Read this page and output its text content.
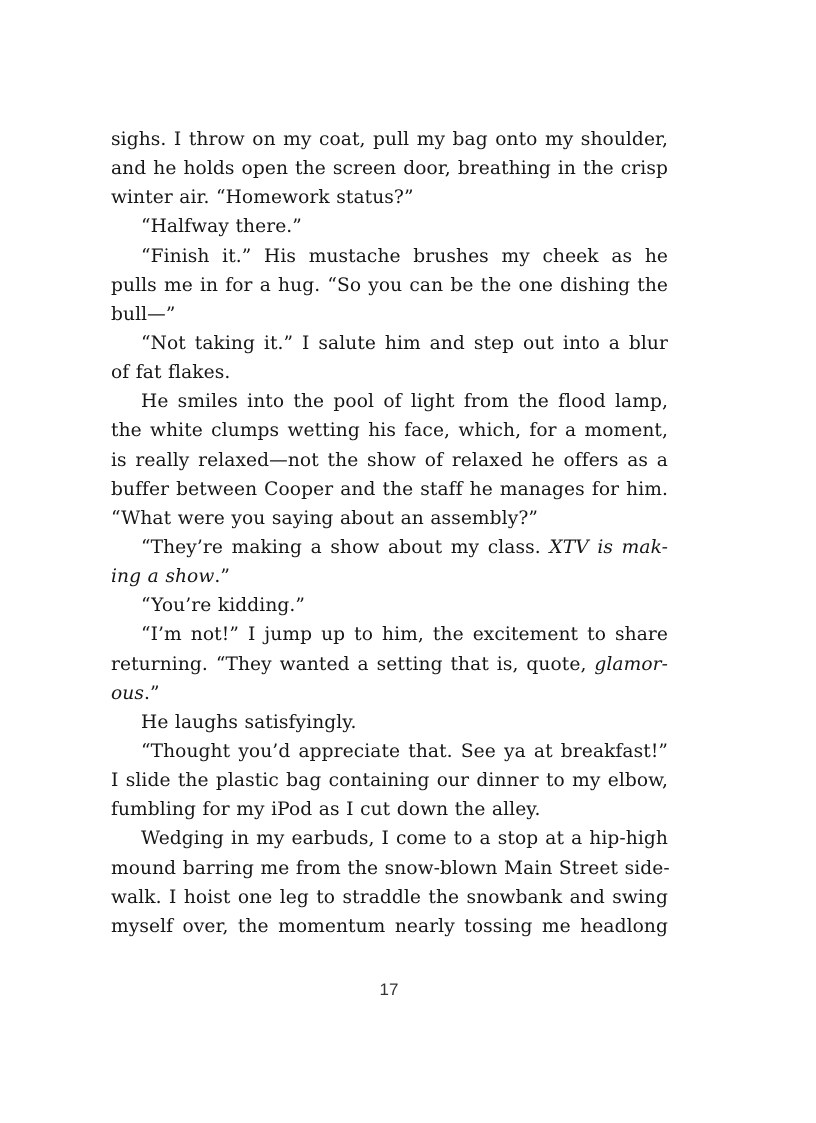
sighs. I throw on my coat, pull my bag onto my shoulder,
and he holds open the screen door, breathing in the crisp
winter air. “Homework status?”
“Halfway there.”
“Finish it.” His mustache brushes my cheek as he
pulls me in for a hug. “So you can be the one dishing the
bull—”
“Not taking it.” I salute him and step out into a blur
of fat flakes.
He smiles into the pool of light from the flood lamp,
the white clumps wetting his face, which, for a moment,
is really relaxed—not the show of relaxed he offers as a
buffer between Cooper and the staff he manages for him.
“What were you saying about an assembly?”
“They’re making a show about my class. XTV is mak-
ing a show.”
“You’re kidding.”
“I’m not!” I jump up to him, the excitement to share
returning. “They wanted a setting that is, quote, glamor-
ous.”
He laughs satisfyingly.
“Thought you’d appreciate that. See ya at breakfast!”
I slide the plastic bag containing our dinner to my elbow,
fumbling for my iPod as I cut down the alley.
Wedging in my earbuds, I come to a stop at a hip-high
mound barring me from the snow-blown Main Street side-
walk. I hoist one leg to straddle the snowbank and swing
myself over, the momentum nearly tossing me headlong
17
